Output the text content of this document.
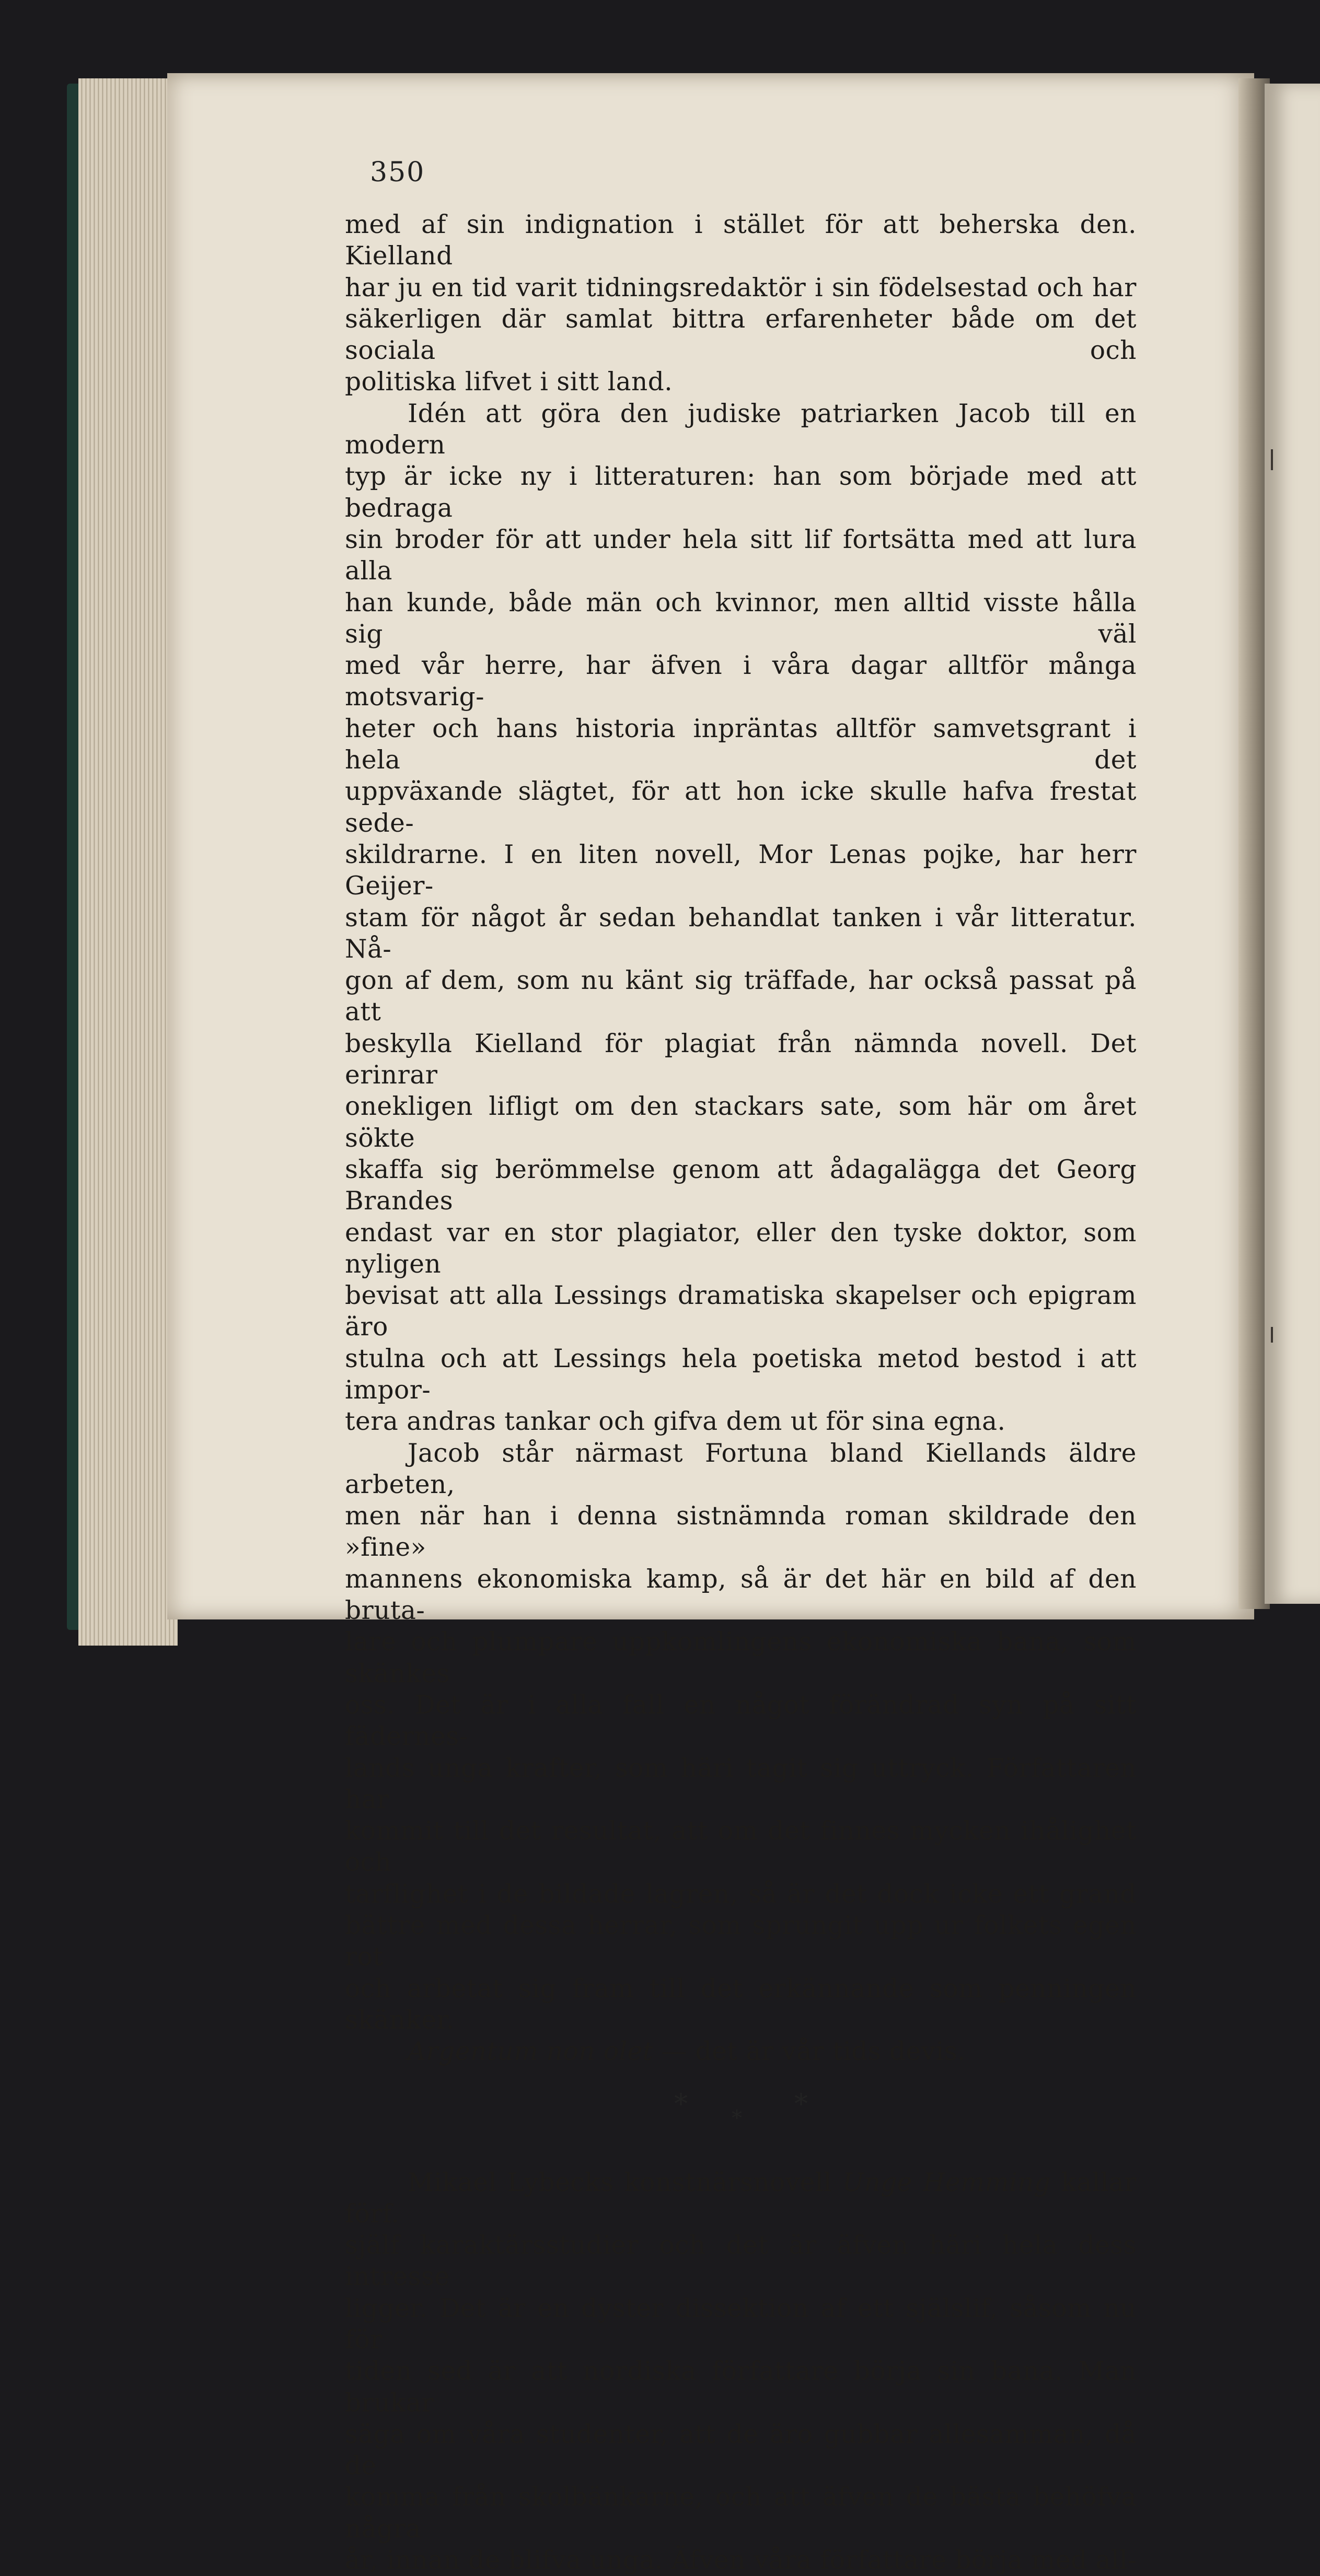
350

med af sin indignation i stället för att beherska den. Kielland

har ju en tid varit tidningsredaktör i sin födelsestad och har

säkerligen där samlat bittra erfarenheter både om det sociala och

politiska lifvet i sitt land.

Idén att göra den judiske patriarken Jacob till en modern

typ är icke ny i litteraturen: han som började med att bedraga

sin broder för att under hela sitt lif fortsätta med att lura alla

han kunde, både män och kvinnor, men alltid visste hålla sig väl

med vår herre, har äfven i våra dagar alltför många motsvarig-

heter och hans historia inpräntas alltför samvetsgrant i hela det

uppväxande slägtet, för att hon icke skulle hafva frestat sede-

skildrarne. I en liten novell, Mor Lenas pojke, har herr Geijer-

stam för något år sedan behandlat tanken i vår litteratur. Nå-

gon af dem, som nu känt sig träffade, har också passat på att

beskylla Kielland för plagiat från nämnda novell. Det erinrar

onekligen lifligt om den stackars sate, som här om året sökte

skaffa sig berömmelse genom att ådagalägga det Georg Brandes

endast var en stor plagiator, eller den tyske doktor, som nyligen

bevisat att alla Lessings dramatiska skapelser och epigram äro

stulna och att Lessings hela poetiska metod bestod i att impor-

tera andras tankar och gifva dem ut för sina egna.

Jacob står närmast Fortuna bland Kiellands äldre arbeten,

men när han i denna sistnämnda roman skildrade den »fine»

mannens ekonomiska kamp, så är det här en bild af den bruta-

lare och plumpare uppkomlingens ekonomiska bana, som skänkes

oss. Det är i alla fall en något förändrad syn på sitt fädernes-

lands unga krafter, som häri tagit sig uttryck. Författaren har

kommit till det resultat, att om det finnes mycken ihålighet och

tarflighet i de bildade lagren, så är det dock icke ett grand

bättre med dessa herrar, som sprungit upp ur folkets egen rot

och arbetat sig fram till det erkännande som penningen skänker.

Argentum non olet — det är vår tids devis.

* * *

Mikael Lybecks konstnärsnovell Unge Hemming kallar förf.

själf karaktärsstudier och det är äfven häri hela dess intresse

ligger. Det är en dyster dissektion af ett själslif, såsom nu för

tiden sed är att nordiska författare börja sin bana. Man brukar

säga om våra studenter, att de äro gubbar allesamman, då de

komma från skolbänkarne, och att äfven de bästa behöfva några

år, innan de blifva unga. Äfven våra författare börja med all-
